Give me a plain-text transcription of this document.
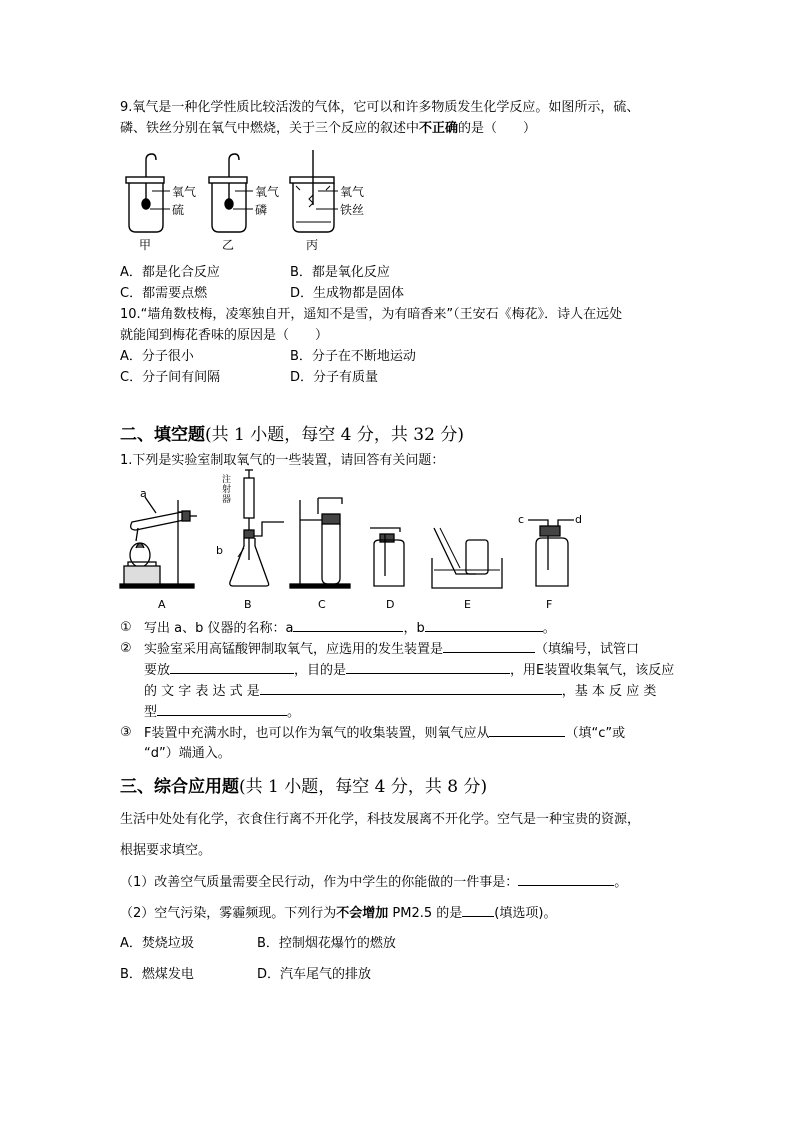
9.氧气是一种化学性质比较活泼的气体，它可以和许多物质发生化学反应。如图所示，硫、
磷、铁丝分别在氧气中燃烧，关于三个反应的叙述中不正确的是（　　）
氧气
硫
甲
氧气
磷
乙
氧气
铁丝
丙
A．都是化合反应	B．都是氧化反应
C．都需要点燃	D．生成物都是固体
10.“墙角数枝梅，凌寒独自开，遥知不是雪，为有暗香来”（王安石《梅花》．诗人在远处
就能闻到梅花香味的原因是（　　）
A．分子很小	B．分子在不断地运动
C．分子间有间隔	D．分子有质量
二、填空题(共 1 小题，每空 4 分，共 32 分)
1.下列是实验室制取氧气的一些装置，请回答有关问题：
a
b
c	d
注射器
A	B	C	D	E	F
① 写出 a、b 仪器的名称：a	，b	。
② 实验室采用高锰酸钾制取氧气，应选用的发生装置是	（填编号，试管口
要放	，目的是	，用E装置收集氧气，该反应
的 文 字 表 达 式 是	，基 本 反 应 类
型	。
③ F装置中充满水时，也可以作为氧气的收集装置，则氧气应从	（填“c”或
“d”）端通入。
三、综合应用题(共 1 小题，每空 4 分，共 8 分)
生活中处处有化学，衣食住行离不开化学，科技发展离不开化学。空气是一种宝贵的资源，
根据要求填空。
（1）改善空气质量需要全民行动，作为中学生的你能做的一件事是：	。
（2）空气污染，雾霾频现。下列行为不会增加 PM2.5 的是 (填选项)。
A．焚烧垃圾	B．控制烟花爆竹的燃放
B．燃煤发电	D．汽车尾气的排放
